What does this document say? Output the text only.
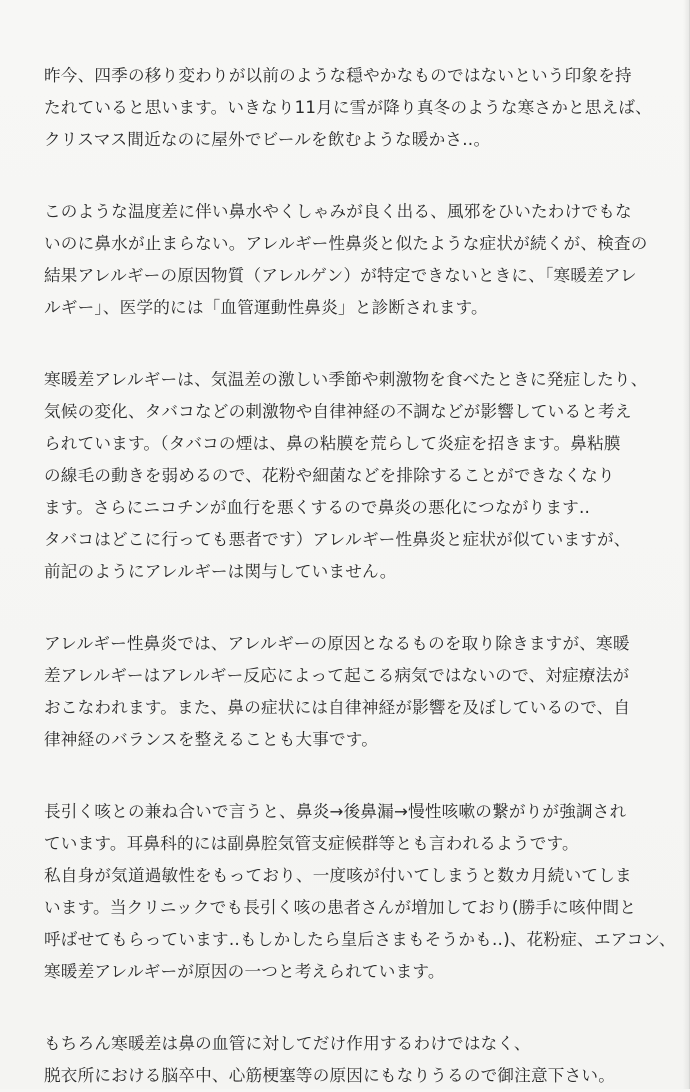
昨今、四季の移り変わりが以前のような穏やかなものではないという印象を持
たれていると思います。いきなり11月に雪が降り真冬のような寒さかと思えば、
クリスマス間近なのに屋外でビールを飲むような暖かさ‥。

このような温度差に伴い鼻水やくしゃみが良く出る、風邪をひいたわけでもな
いのに鼻水が止まらない。アレルギー性鼻炎と似たような症状が続くが、検査の
結果アレルギーの原因物質（アレルゲン）が特定できないときに、「寒暖差アレ
ルギー」、医学的には「血管運動性鼻炎」と診断されます。

寒暖差アレルギーは、気温差の激しい季節や刺激物を食べたときに発症したり、
気候の変化、タバコなどの刺激物や自律神経の不調などが影響していると考え
られています。（タバコの煙は、鼻の粘膜を荒らして炎症を招きます。鼻粘膜
の線毛の動きを弱めるので、花粉や細菌などを排除することができなくなり
ます。さらにニコチンが血行を悪くするので鼻炎の悪化につながります‥
タバコはどこに行っても悪者です）アレルギー性鼻炎と症状が似ていますが、
前記のようにアレルギーは関与していません。

アレルギー性鼻炎では、アレルギーの原因となるものを取り除きますが、寒暖
差アレルギーはアレルギー反応によって起こる病気ではないので、対症療法が
おこなわれます。また、鼻の症状には自律神経が影響を及ぼしているので、自
律神経のバランスを整えることも大事です。

長引く咳との兼ね合いで言うと、鼻炎→後鼻漏→慢性咳嗽の繋がりが強調され
ています。耳鼻科的には副鼻腔気管支症候群等とも言われるようです。
私自身が気道過敏性をもっており、一度咳が付いてしまうと数カ月続いてしま
います。当クリニックでも長引く咳の患者さんが増加しており(勝手に咳仲間と
呼ばせてもらっています‥もしかしたら皇后さまもそうかも‥)、花粉症、エアコン、
寒暖差アレルギーが原因の一つと考えられています。

もちろん寒暖差は鼻の血管に対してだけ作用するわけではなく、
脱衣所における脳卒中、心筋梗塞等の原因にもなりうるので御注意下さい。
